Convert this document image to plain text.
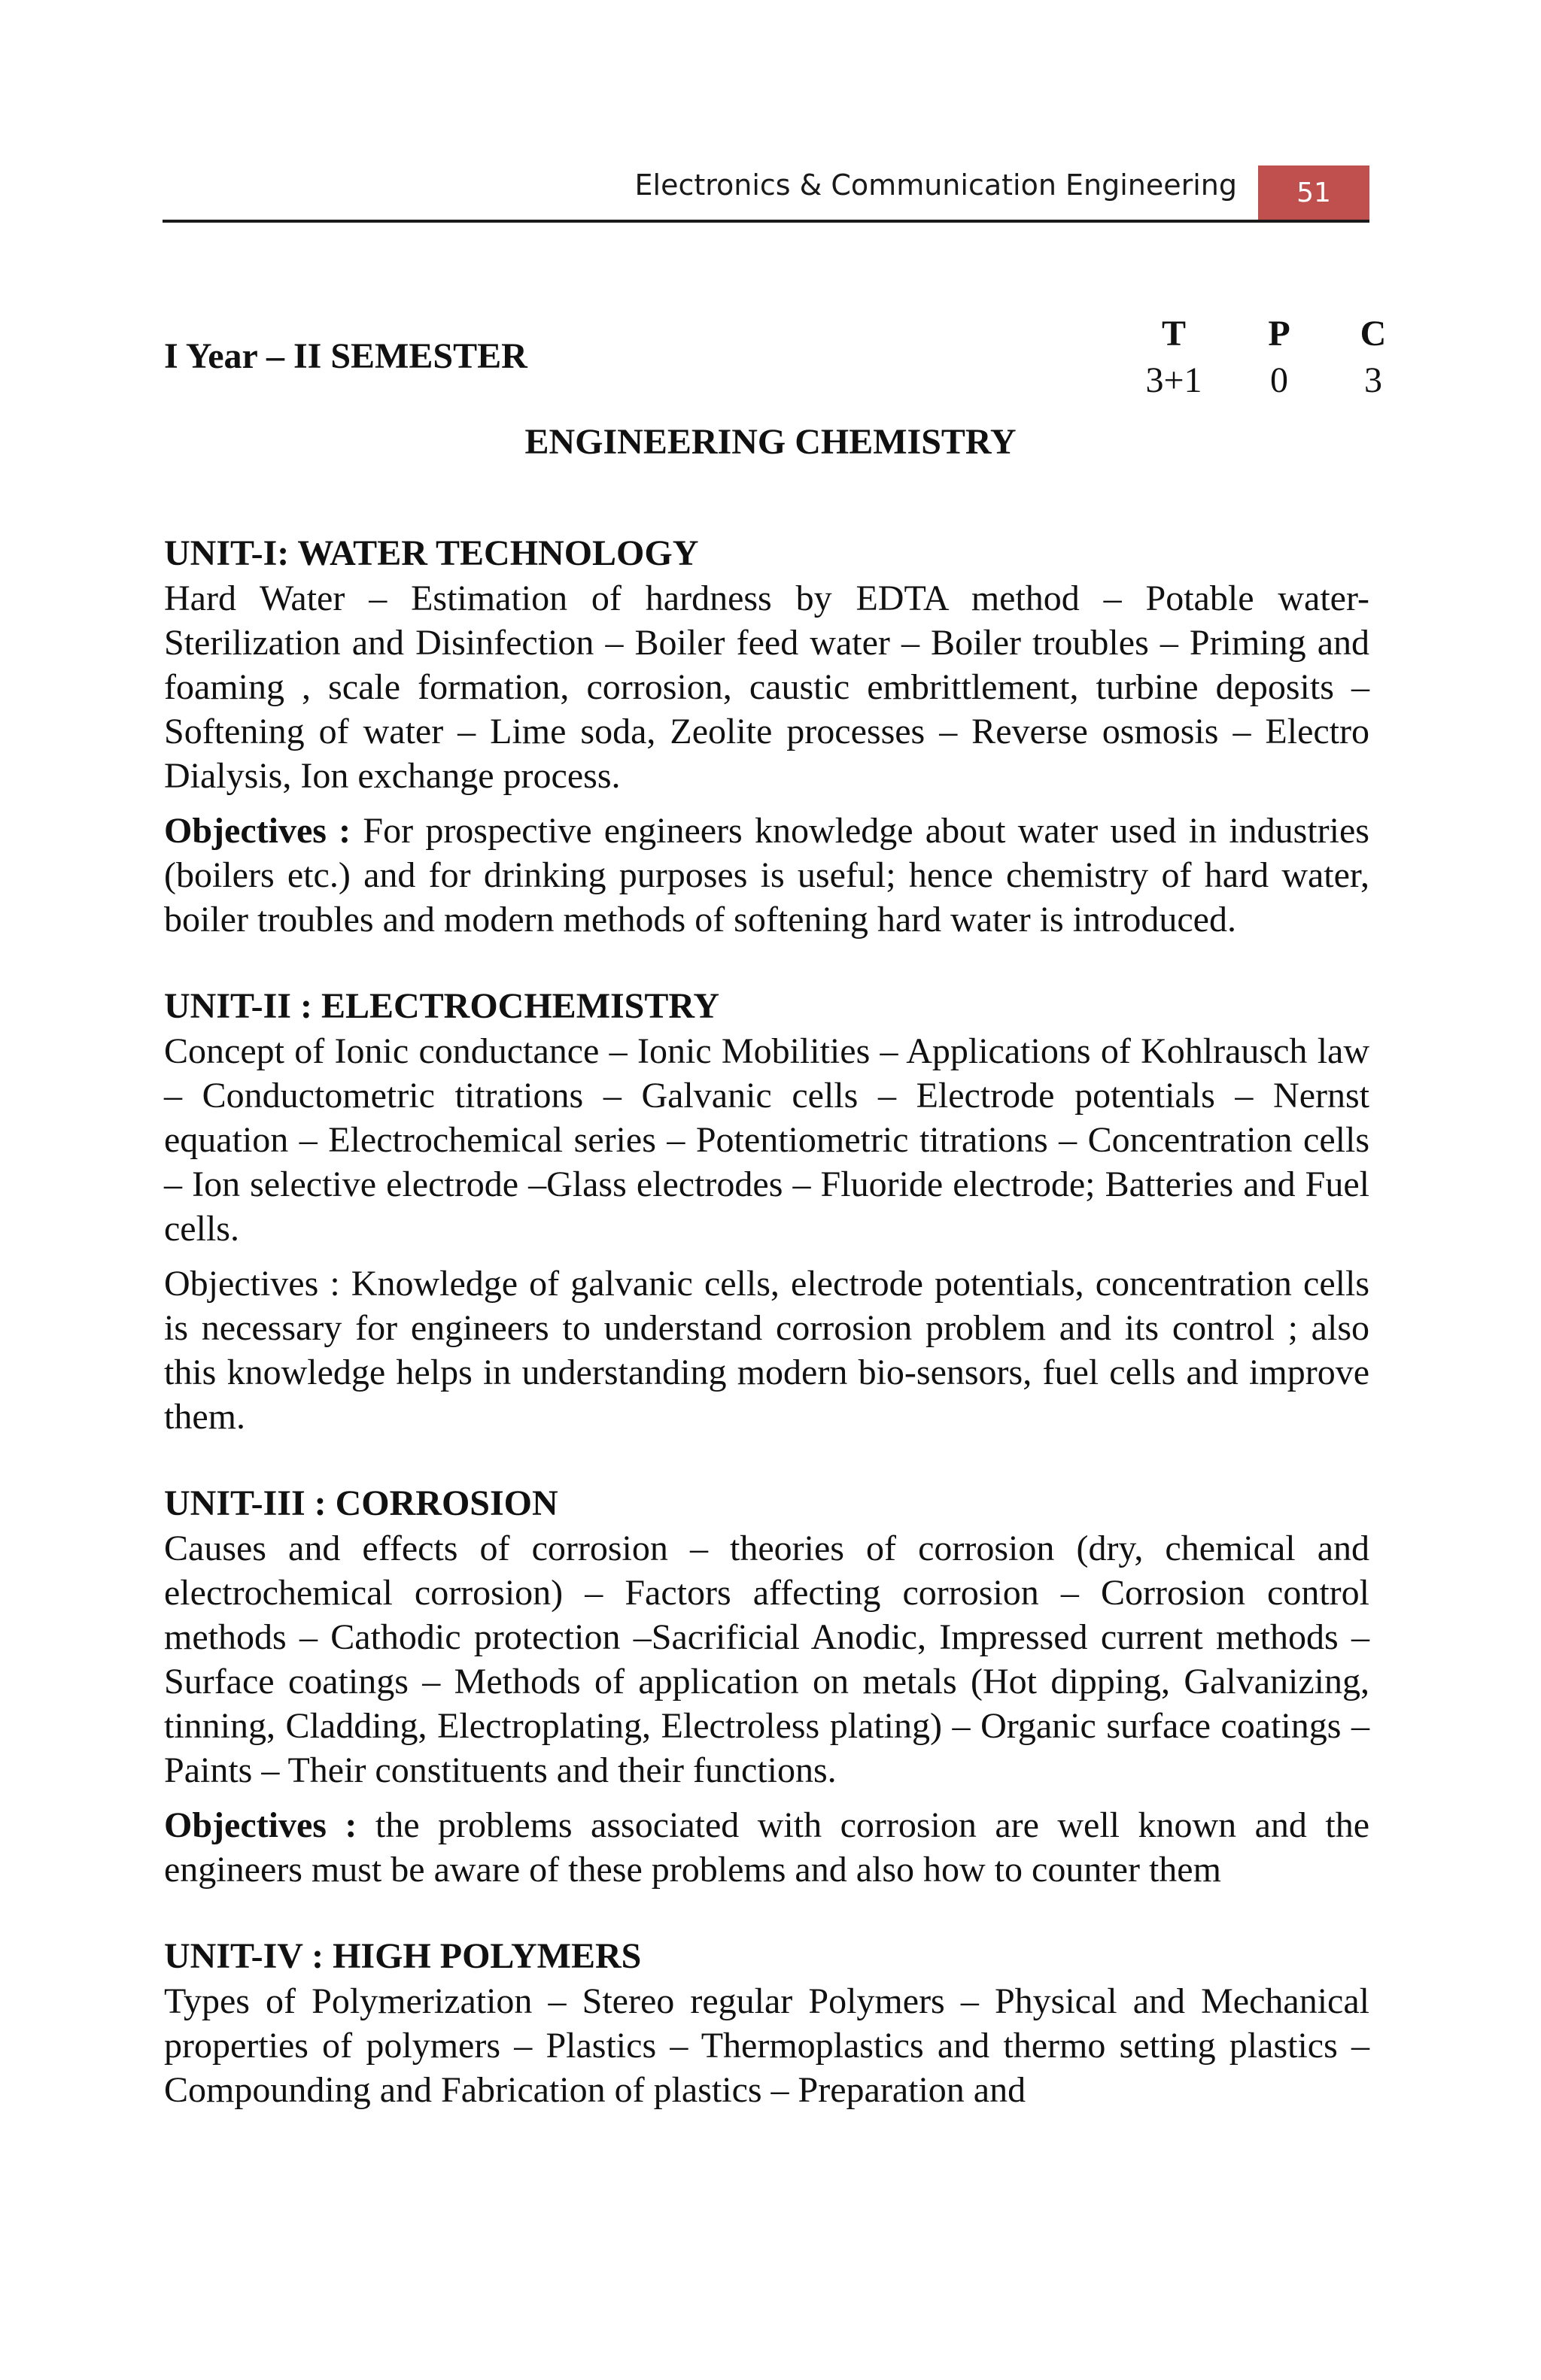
Electronics & Communication Engineering 51
I Year – II SEMESTER
T	P	C
3+1	0	3
ENGINEERING CHEMISTRY
UNIT-I: WATER TECHNOLOGY

Hard Water – Estimation of hardness by EDTA method – Potable water- Sterilization and Disinfection – Boiler feed water – Boiler troubles – Priming and foaming , scale formation, corrosion, caustic embrittlement, turbine deposits – Softening of water – Lime soda, Zeolite processes – Reverse osmosis – Electro Dialysis, Ion exchange process.

Objectives : For prospective engineers knowledge about water used in industries (boilers etc.) and for drinking purposes is useful; hence chemistry of hard water, boiler troubles and modern methods of softening hard water is introduced.

UNIT-II : ELECTROCHEMISTRY

Concept of Ionic conductance – Ionic Mobilities – Applications of Kohlrausch law – Conductometric titrations – Galvanic cells – Electrode potentials – Nernst equation – Electrochemical series – Potentiometric titrations – Concentration cells – Ion selective electrode –Glass electrodes – Fluoride electrode; Batteries and Fuel cells.

Objectives : Knowledge of galvanic cells, electrode potentials, concentration cells is necessary for engineers to understand corrosion problem and its control ; also this knowledge helps in understanding modern bio-sensors, fuel cells and improve them.

UNIT-III : CORROSION

Causes and effects of corrosion – theories of corrosion (dry, chemical and electrochemical corrosion) – Factors affecting corrosion – Corrosion control methods – Cathodic protection –Sacrificial Anodic, Impressed current methods – Surface coatings – Methods of application on metals (Hot dipping, Galvanizing, tinning, Cladding, Electroplating, Electroless plating) – Organic surface coatings – Paints – Their constituents and their functions.

Objectives : the problems associated with corrosion are well known and the engineers must be aware of these problems and also how to counter them

UNIT-IV : HIGH POLYMERS

Types of Polymerization – Stereo regular Polymers – Physical and Mechanical properties of polymers – Plastics – Thermoplastics and thermo setting plastics – Compounding and Fabrication of plastics – Preparation and
